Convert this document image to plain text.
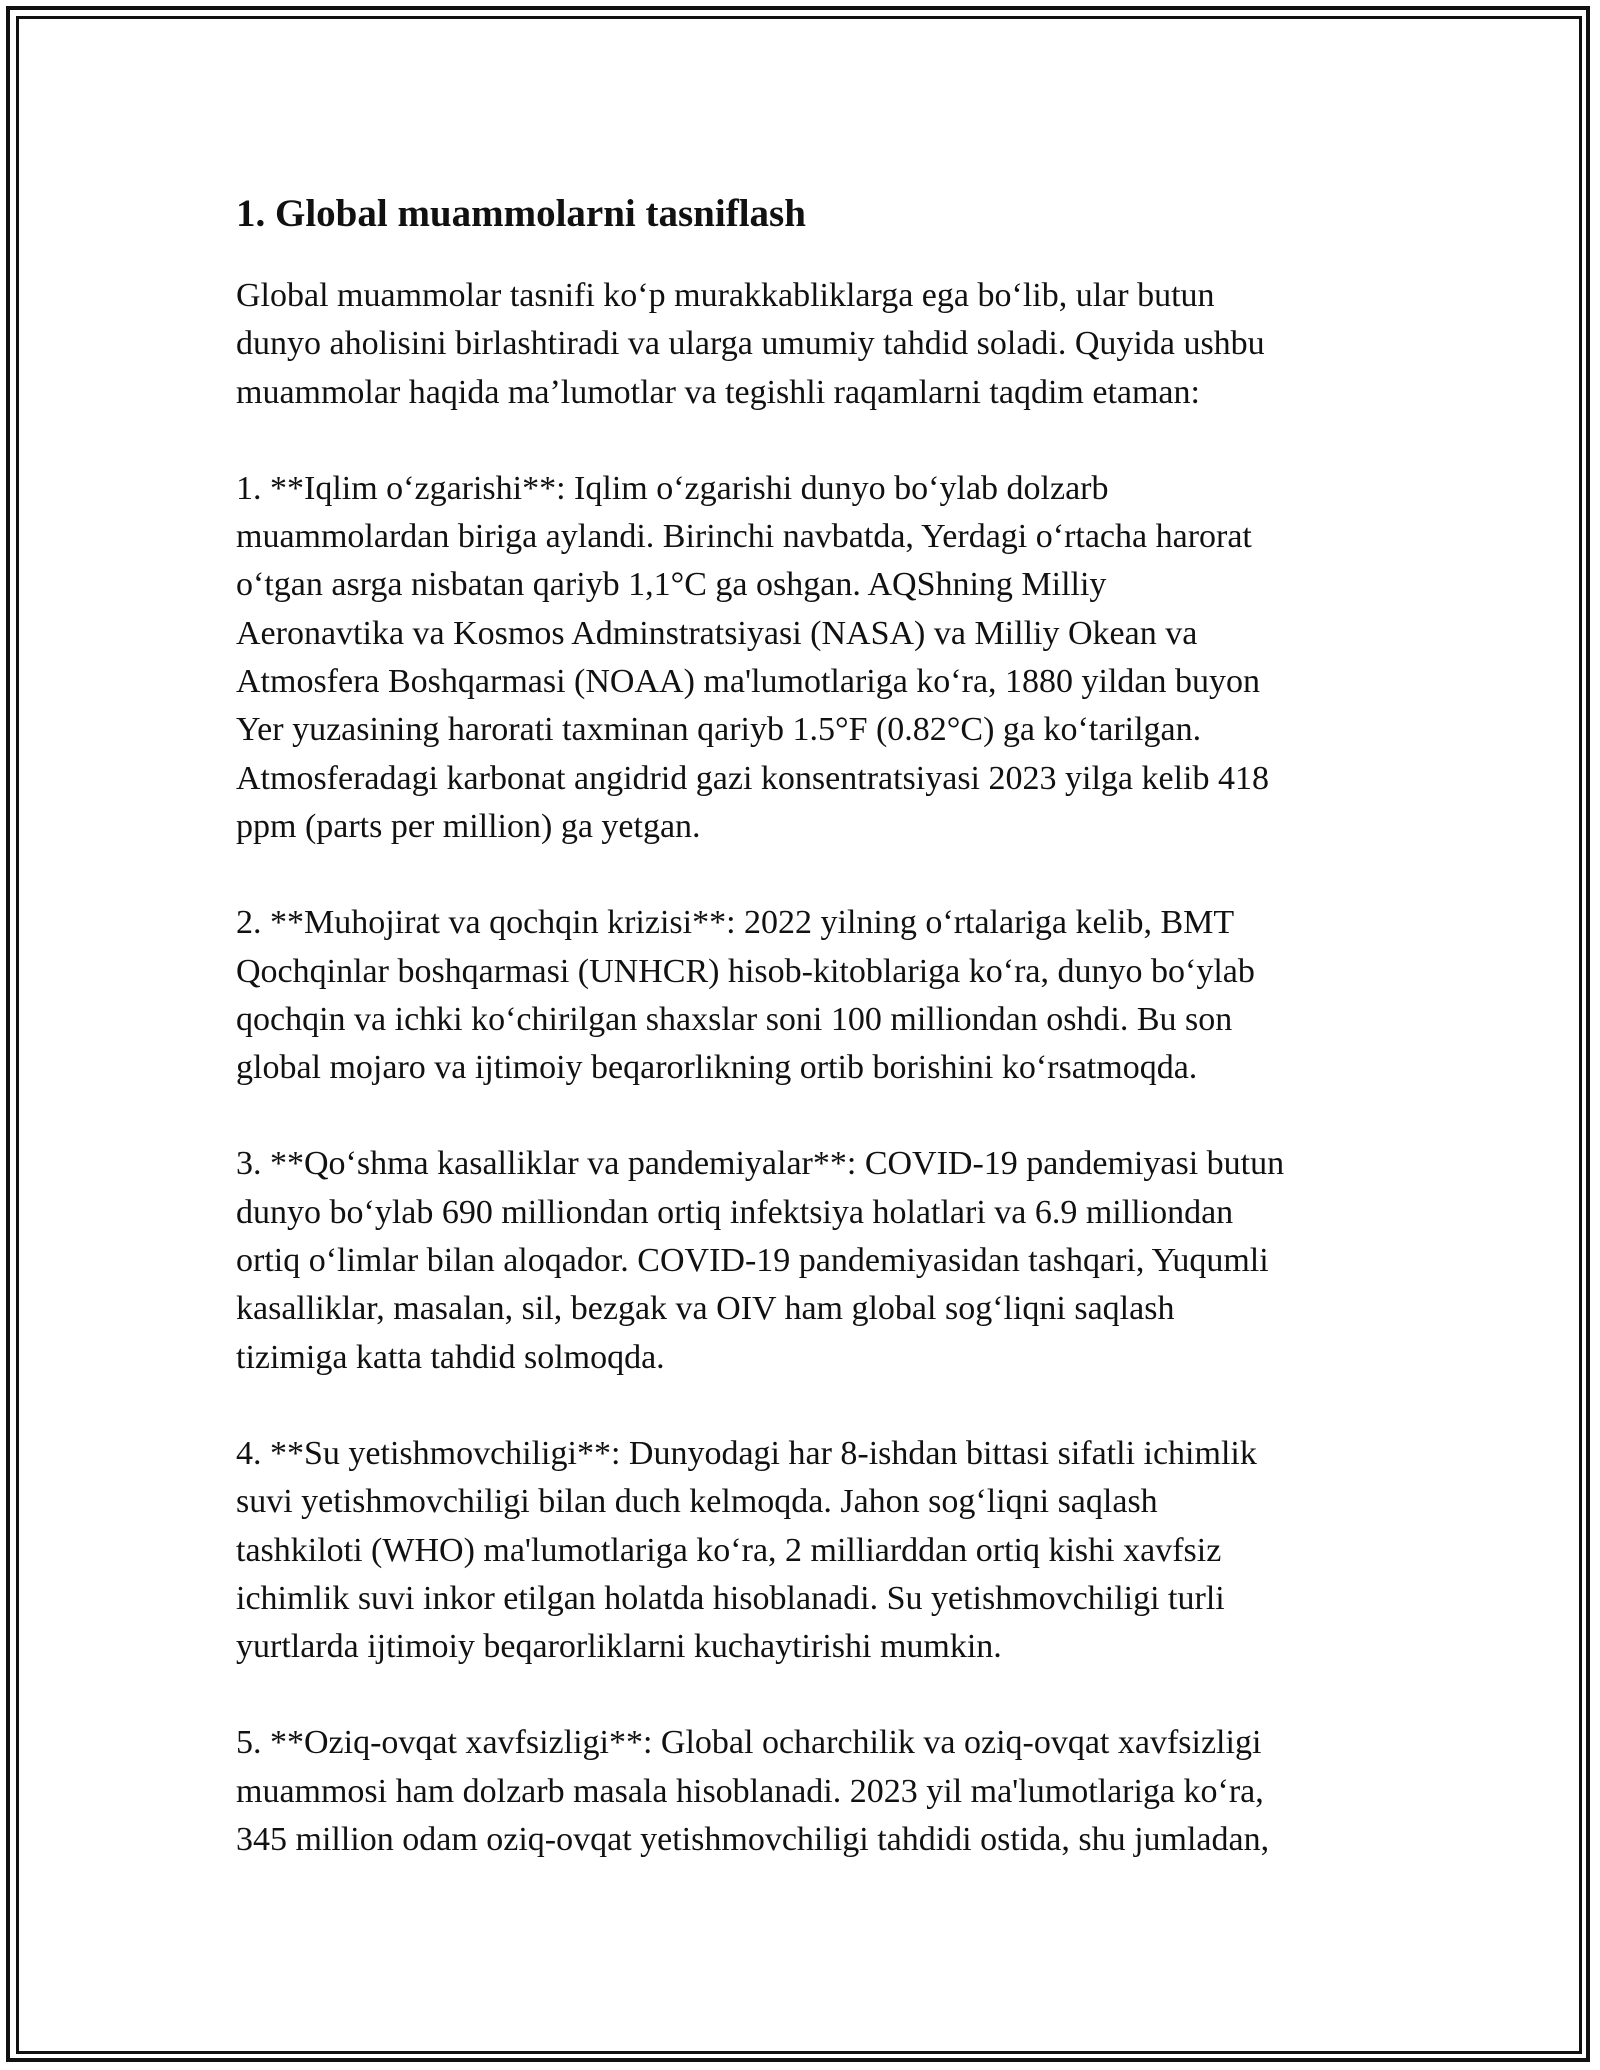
1. Global muammolarni tasniflash

Global muammolar tasnifi koʻp murakkabliklarga ega boʻlib, ular butun
dunyo aholisini birlashtiradi va ularga umumiy tahdid soladi. Quyida ushbu
muammolar haqida maʼlumotlar va tegishli raqamlarni taqdim etaman:

1. **Iqlim oʻzgarishi**: Iqlim oʻzgarishi dunyo boʻylab dolzarb
muammolardan biriga aylandi. Birinchi navbatda, Yerdagi oʻrtacha harorat
oʻtgan asrga nisbatan qariyb 1,1°C ga oshgan. AQShning Milliy
Aeronavtika va Kosmos Adminstratsiyasi (NASA) va Milliy Okean va
Atmosfera Boshqarmasi (NOAA) ma'lumotlariga koʻra, 1880 yildan buyon
Yer yuzasining harorati taxminan qariyb 1.5°F (0.82°C) ga koʻtarilgan.
Atmosferadagi karbonat angidrid gazi konsentratsiyasi 2023 yilga kelib 418
ppm (parts per million) ga yetgan.

2. **Muhojirat va qochqin krizisi**: 2022 yilning oʻrtalariga kelib, BMT
Qochqinlar boshqarmasi (UNHCR) hisob-kitoblariga koʻra, dunyo boʻylab
qochqin va ichki koʻchirilgan shaxslar soni 100 milliondan oshdi. Bu son
global mojaro va ijtimoiy beqarorlikning ortib borishini koʻrsatmoqda.

3. **Qoʻshma kasalliklar va pandemiyalar**: COVID-19 pandemiyasi butun
dunyo boʻylab 690 milliondan ortiq infektsiya holatlari va 6.9 milliondan
ortiq oʻlimlar bilan aloqador. COVID-19 pandemiyasidan tashqari, Yuqumli
kasalliklar, masalan, sil, bezgak va OIV ham global sogʻliqni saqlash
tizimiga katta tahdid solmoqda.

4. **Su yetishmovchiligi**: Dunyodagi har 8-ishdan bittasi sifatli ichimlik
suvi yetishmovchiligi bilan duch kelmoqda. Jahon sogʻliqni saqlash
tashkiloti (WHO) ma'lumotlariga koʻra, 2 milliarddan ortiq kishi xavfsiz
ichimlik suvi inkor etilgan holatda hisoblanadi. Su yetishmovchiligi turli
yurtlarda ijtimoiy beqarorliklarni kuchaytirishi mumkin.

5. **Oziq-ovqat xavfsizligi**: Global ocharchilik va oziq-ovqat xavfsizligi
muammosi ham dolzarb masala hisoblanadi. 2023 yil ma'lumotlariga koʻra,
345 million odam oziq-ovqat yetishmovchiligi tahdidi ostida, shu jumladan,
